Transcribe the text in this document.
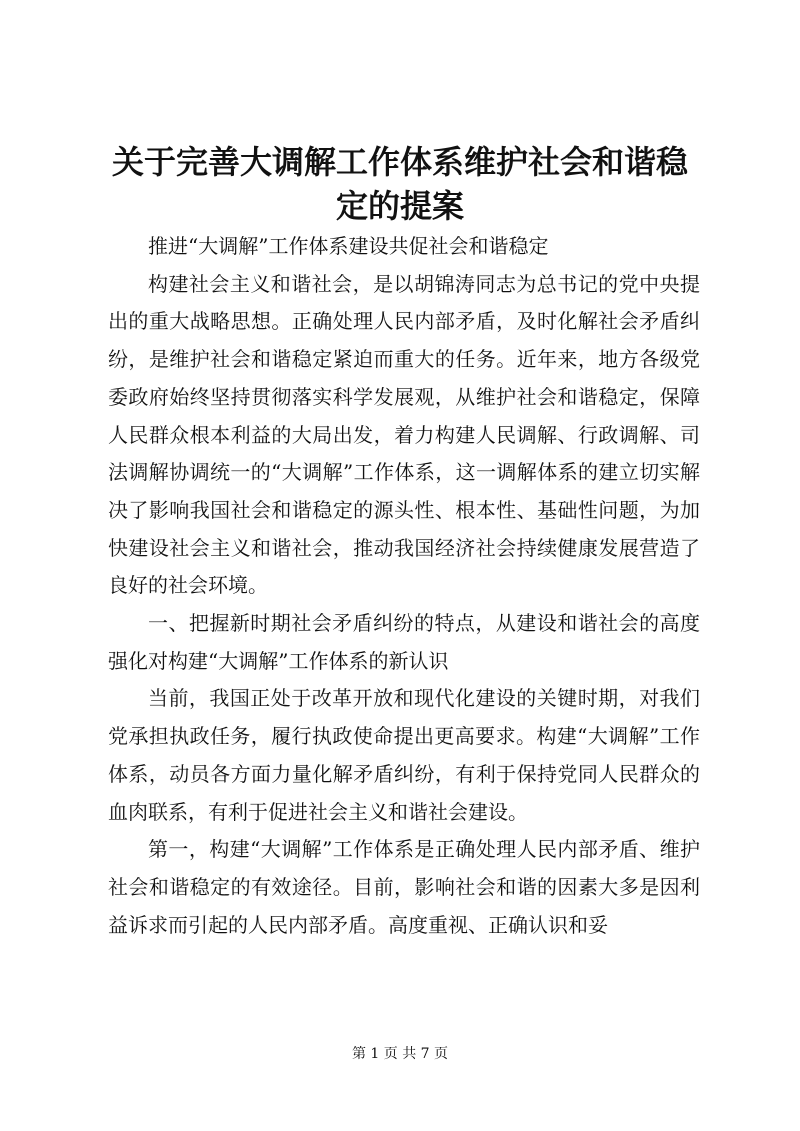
关于完善大调解工作体系维护社会和谐稳定的提案

推进“大调解”工作体系建设共促社会和谐稳定

构建社会主义和谐社会，是以胡锦涛同志为总书记的党中央提出的重大战略思想。正确处理人民内部矛盾，及时化解社会矛盾纠纷，是维护社会和谐稳定紧迫而重大的任务。近年来，地方各级党委政府始终坚持贯彻落实科学发展观，从维护社会和谐稳定，保障人民群众根本利益的大局出发，着力构建人民调解、行政调解、司法调解协调统一的“大调解”工作体系，这一调解体系的建立切实解决了影响我国社会和谐稳定的源头性、根本性、基础性问题，为加快建设社会主义和谐社会，推动我国经济社会持续健康发展营造了良好的社会环境。

一、把握新时期社会矛盾纠纷的特点，从建设和谐社会的高度强化对构建“大调解”工作体系的新认识

当前，我国正处于改革开放和现代化建设的关键时期，对我们党承担执政任务，履行执政使命提出更高要求。构建“大调解”工作体系，动员各方面力量化解矛盾纠纷，有利于保持党同人民群众的血肉联系，有利于促进社会主义和谐社会建设。

第一，构建“大调解”工作体系是正确处理人民内部矛盾、维护社会和谐稳定的有效途径。目前，影响社会和谐的因素大多是因利益诉求而引起的人民内部矛盾。高度重视、正确认识和妥

第 1 页 共 7 页
